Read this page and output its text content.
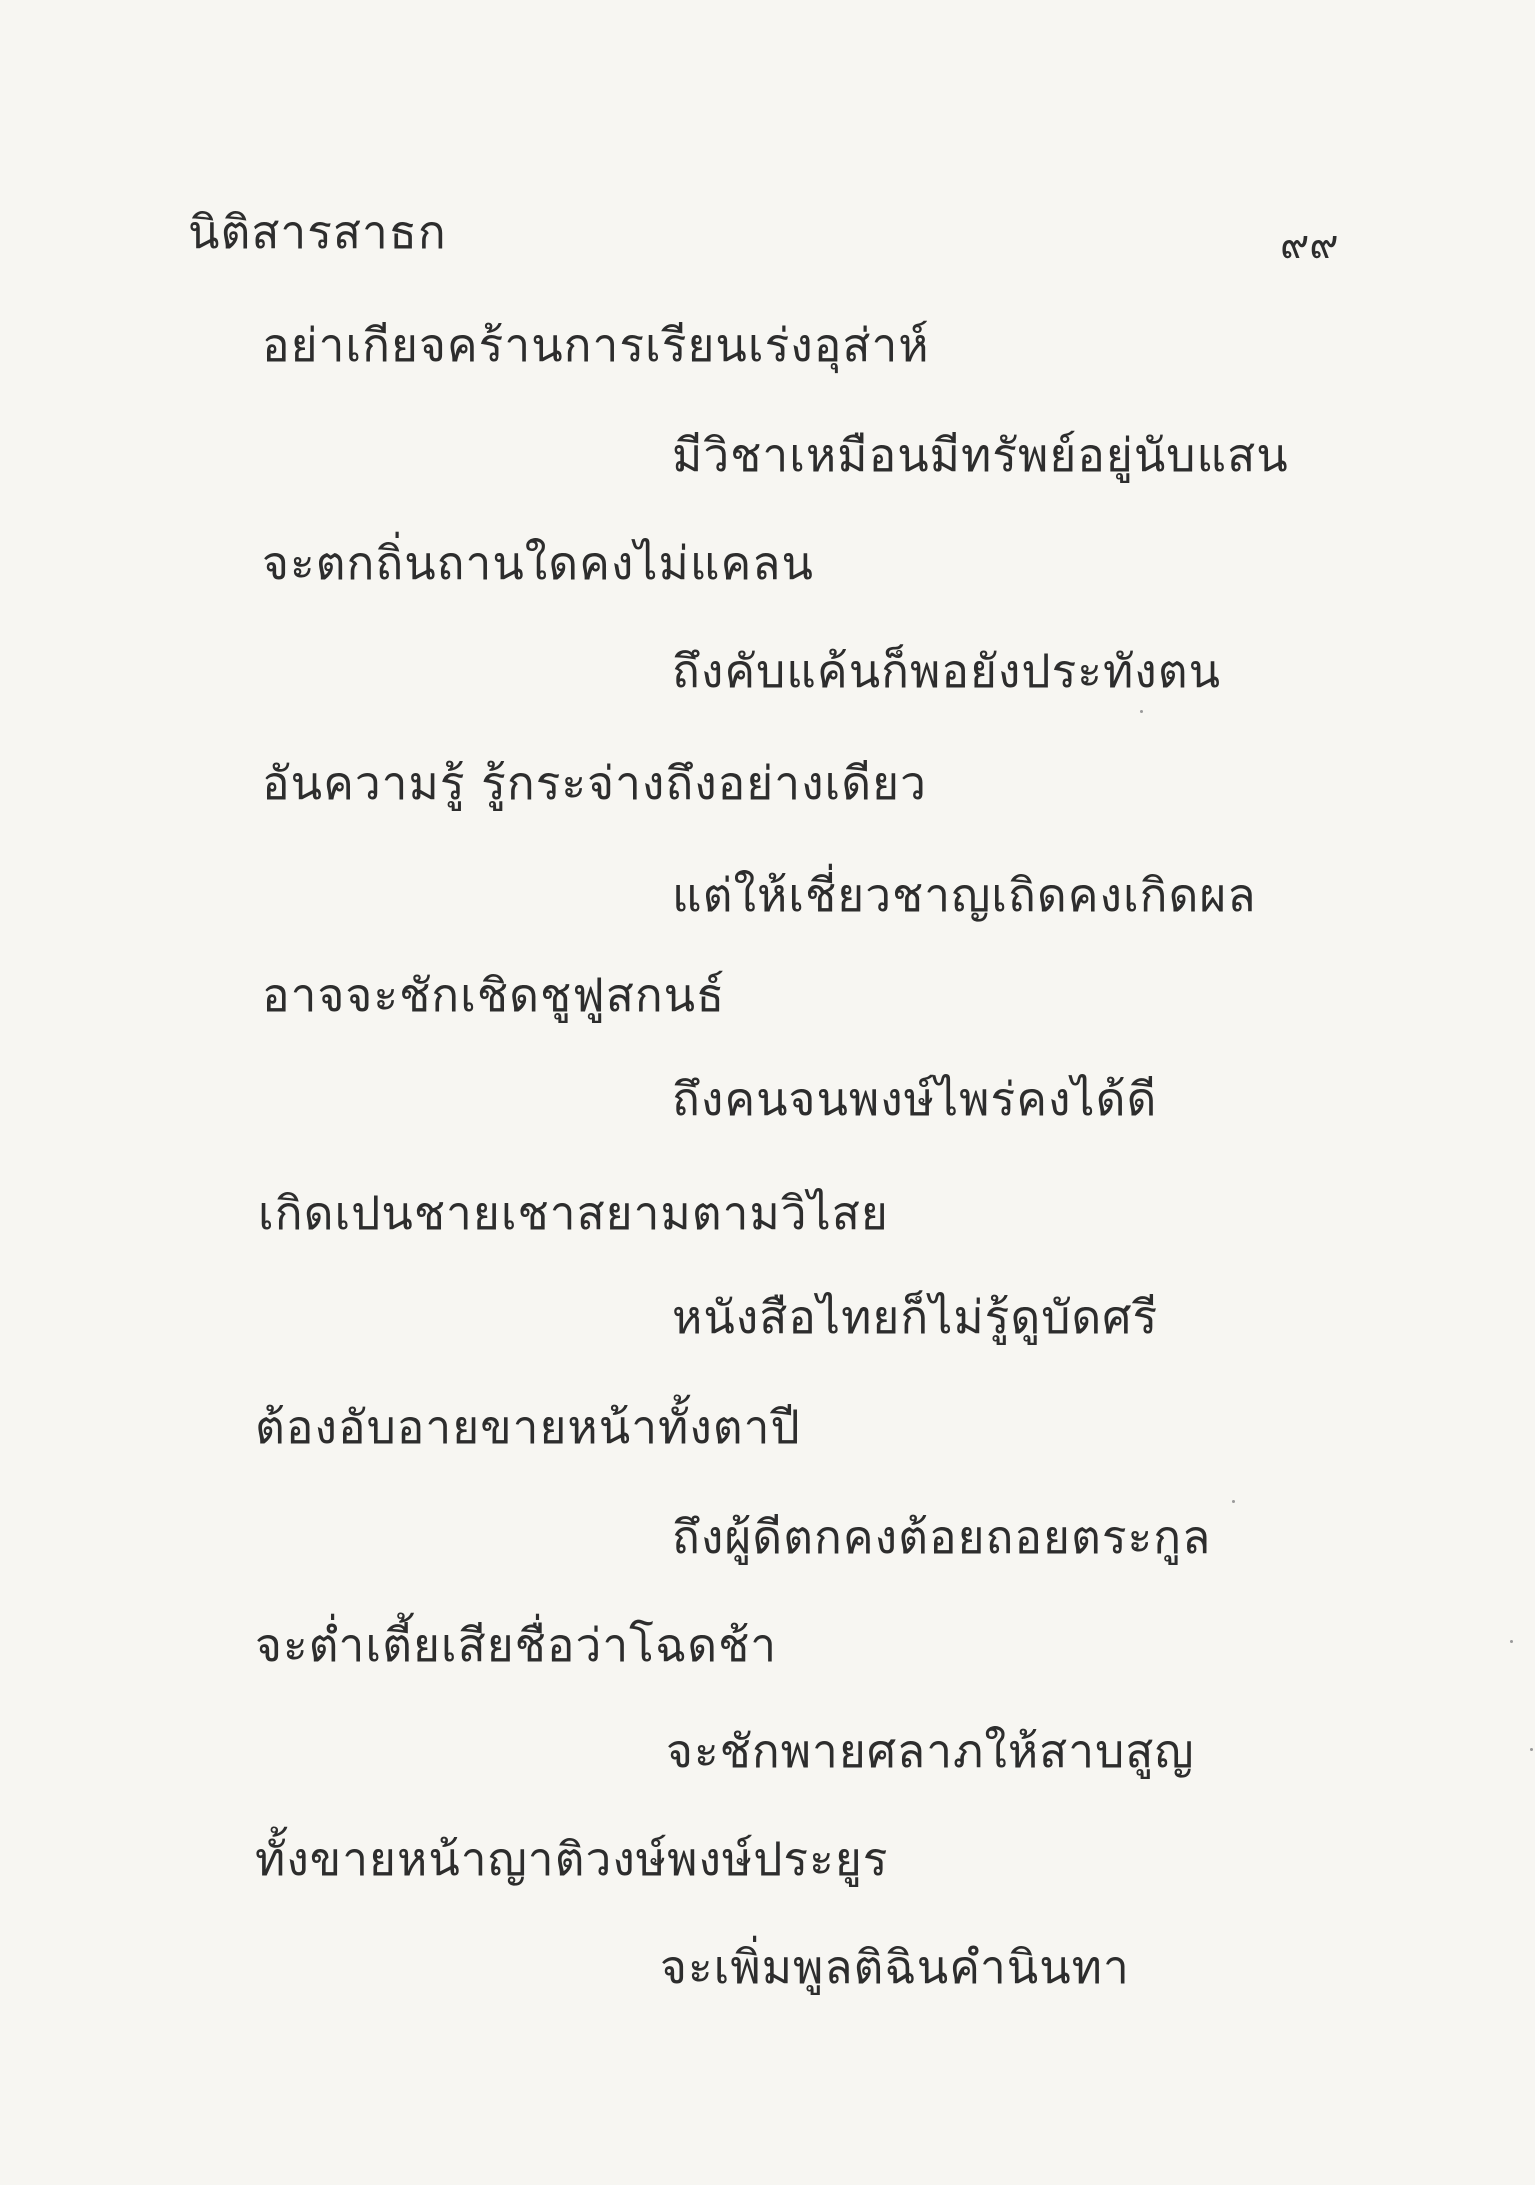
นิติสารสาธก	๙๙
อย่าเกียจคร้านการเรียนเร่งอุส่าห์
มีวิชาเหมือนมีทรัพย์อยู่นับแสน
จะตกถิ่นถานใดคงไม่แคลน
ถึงคับแค้นก็พอยังประทังตน
อันความรู้ รู้กระจ่างถึงอย่างเดียว
แต่ให้เชี่ยวชาญเถิดคงเกิดผล
อาจจะชักเชิดชูฟูสกนธ์
ถึงคนจนพงษ์ไพร่คงได้ดี
เกิดเปนชายเชาสยามตามวิไสย
หนังสือไทยก็ไม่รู้ดูบัดศรี
ต้องอับอายขายหน้าทั้งตาปี
ถึงผู้ดีตกคงต้อยถอยตระกูล
จะต่ำเตี้ยเสียชื่อว่าโฉดช้า
จะชักพายศลาภให้สาบสูญ
ทั้งขายหน้าญาติวงษ์พงษ์ประยูร
จะเพิ่มพูลติฉินคำนินทา
